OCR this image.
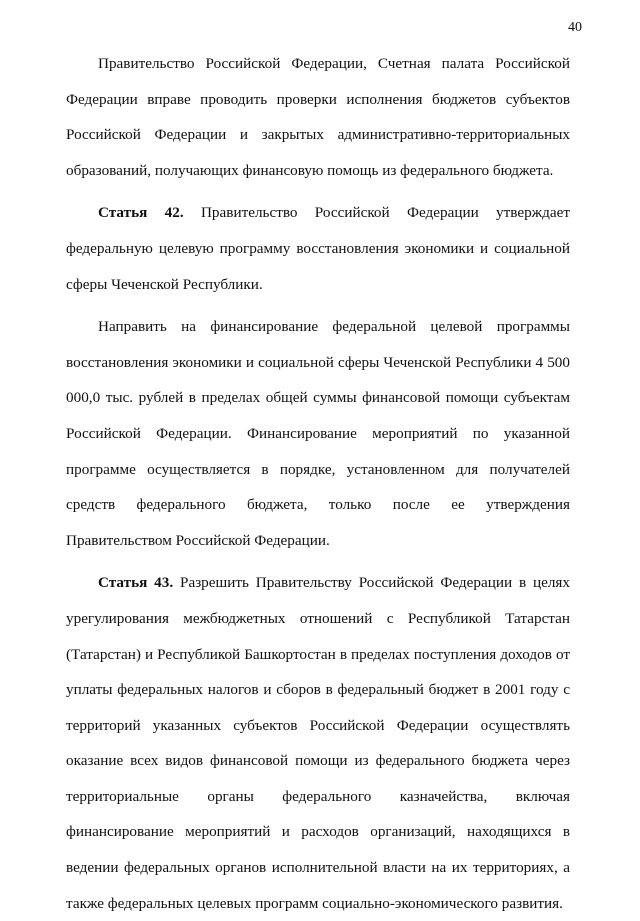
40

Правительство Российской Федерации, Счетная палата Российской Федерации вправе проводить проверки исполнения бюджетов субъектов Российской Федерации и закрытых административно-территориальных образований, получающих финансовую помощь из федерального бюджета.

Статья 42. Правительство Российской Федерации утверждает федеральную целевую программу восстановления экономики и социальной сферы Чеченской Республики.

Направить на финансирование федеральной целевой программы восстановления экономики и социальной сферы Чеченской Республики 4 500 000,0 тыс. рублей в пределах общей суммы финансовой помощи субъектам Российской Федерации. Финансирование мероприятий по указанной программе осуществляется в порядке, установленном для получателей средств федерального бюджета, только после ее утверждения Правительством Российской Федерации.

Статья 43. Разрешить Правительству Российской Федерации в целях урегулирования межбюджетных отношений с Республикой Татарстан (Татарстан) и Республикой Башкортостан в пределах поступления доходов от уплаты федеральных налогов и сборов в федеральный бюджет в 2001 году с территорий указанных субъектов Российской Федерации осуществлять оказание всех видов финансовой помощи из федерального бюджета через территориальные органы федерального казначейства, включая финансирование мероприятий и расходов организаций, находящихся в ведении федеральных органов исполнительной власти на их территориях, а также федеральных целевых программ социально-экономического развития.
